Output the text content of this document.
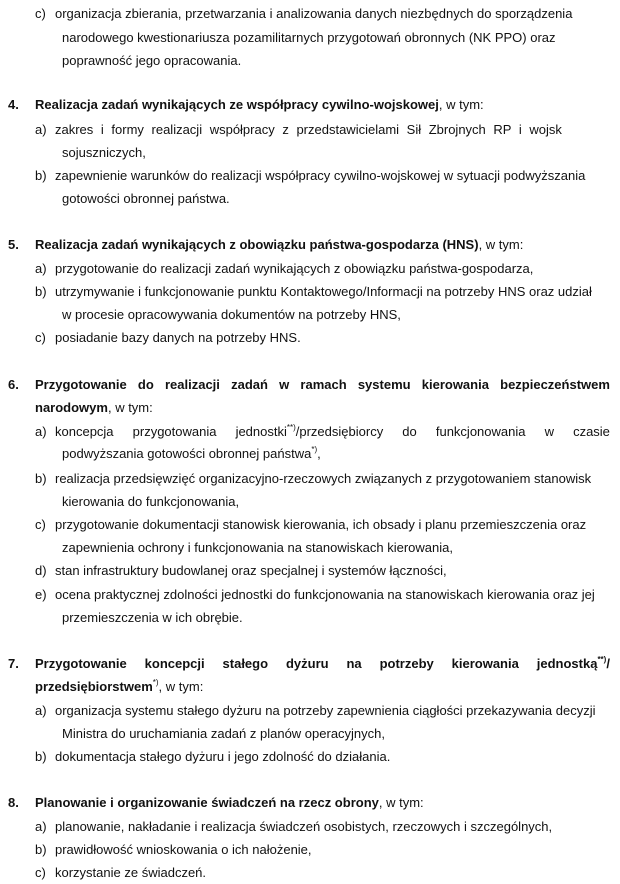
c) organizacja zbierania, przetwarzania i analizowania danych niezbędnych do sporządzenia
narodowego kwestionariusza pozamilitarnych przygotowań obronnych (NK PPO) oraz
poprawność jego opracowania.
4. Realizacja zadań wynikających ze współpracy cywilno-wojskowej, w tym:
a) zakres i formy realizacji współpracy z przedstawicielami Sił Zbrojnych RP i wojsk
sojuszniczych,
b) zapewnienie warunków do realizacji współpracy cywilno-wojskowej w sytuacji podwyższania
gotowości obronnej państwa.
5. Realizacja zadań wynikających z obowiązku państwa-gospodarza (HNS), w tym:
a) przygotowanie do realizacji zadań wynikających z obowiązku państwa-gospodarza,
b) utrzymywanie i funkcjonowanie punktu Kontaktowego/Informacji na potrzeby HNS oraz udział
w procesie opracowywania dokumentów na potrzeby HNS,
c) posiadanie bazy danych na potrzeby HNS.
6. Przygotowanie do realizacji zadań w ramach systemu kierowania bezpieczeństwem
narodowym, w tym:
a) koncepcja przygotowania jednostki**)/przedsiębiorcy do funkcjonowania w czasie
podwyższania gotowości obronnej państwa*),
b) realizacja przedsięwzięć organizacyjno-rzeczowych związanych z przygotowaniem stanowisk
kierowania do funkcjonowania,
c) przygotowanie dokumentacji stanowisk kierowania, ich obsady i planu przemieszczenia oraz
zapewnienia ochrony i funkcjonowania na stanowiskach kierowania,
d) stan infrastruktury budowlanej oraz specjalnej i systemów łączności,
e) ocena praktycznej zdolności jednostki do funkcjonowania na stanowiskach kierowania oraz jej
przemieszczenia w ich obrębie.
7. Przygotowanie koncepcji stałego dyżuru na potrzeby kierowania jednostką**)/
przedsiębiorstwem*), w tym:
a) organizacja systemu stałego dyżuru na potrzeby zapewnienia ciągłości przekazywania decyzji
Ministra do uruchamiania zadań z planów operacyjnych,
b) dokumentacja stałego dyżuru i jego zdolność do działania.
8. Planowanie i organizowanie świadczeń na rzecz obrony, w tym:
a) planowanie, nakładanie i realizacja świadczeń osobistych, rzeczowych i szczególnych,
b) prawidłowość wnioskowania o ich nałożenie,
c) korzystanie ze świadczeń.
